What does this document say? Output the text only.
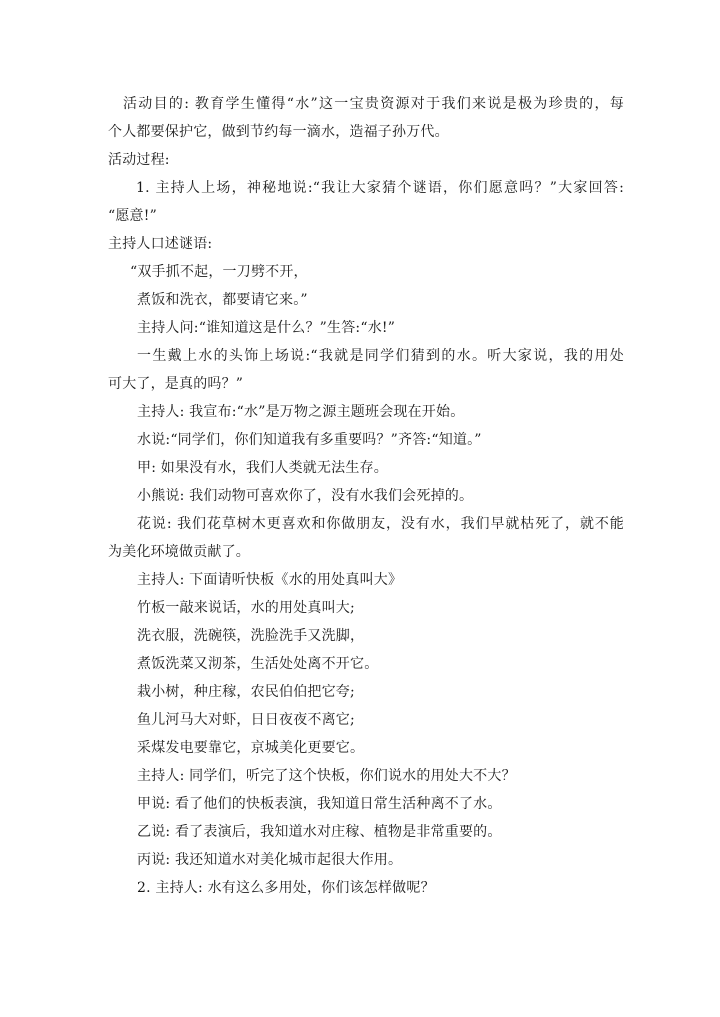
活动目的: 教育学生懂得“水”这一宝贵资源对于我们来说是极为珍贵的，每
个人都要保护它，做到节约每一滴水，造福子孙万代。
活动过程:
1. 主持人上场，神秘地说:“我让大家猜个谜语，你们愿意吗？”大家回答:
“愿意!”
主持人口述谜语:
“双手抓不起，一刀劈不开，
煮饭和洗衣，都要请它来。”
主持人问:“谁知道这是什么？”生答:“水!”
一生戴上水的头饰上场说:“我就是同学们猜到的水。听大家说，我的用处
可大了，是真的吗？”
主持人: 我宣布:“水”是万物之源主题班会现在开始。
水说:“同学们，你们知道我有多重要吗？”齐答:“知道。”
甲: 如果没有水，我们人类就无法生存。
小熊说: 我们动物可喜欢你了，没有水我们会死掉的。
花说: 我们花草树木更喜欢和你做朋友，没有水，我们早就枯死了，就不能
为美化环境做贡献了。
主持人: 下面请听快板《水的用处真叫大》
竹板一敲来说话，水的用处真叫大;
洗衣服，洗碗筷，洗脸洗手又洗脚，
煮饭洗菜又沏茶，生活处处离不开它。
栽小树，种庄稼，农民伯伯把它夸;
鱼儿河马大对虾，日日夜夜不离它;
采煤发电要靠它，京城美化更要它。
主持人: 同学们，听完了这个快板，你们说水的用处大不大？
甲说: 看了他们的快板表演，我知道日常生活种离不了水。
乙说: 看了表演后，我知道水对庄稼、植物是非常重要的。
丙说: 我还知道水对美化城市起很大作用。
2. 主持人: 水有这么多用处，你们该怎样做呢？
